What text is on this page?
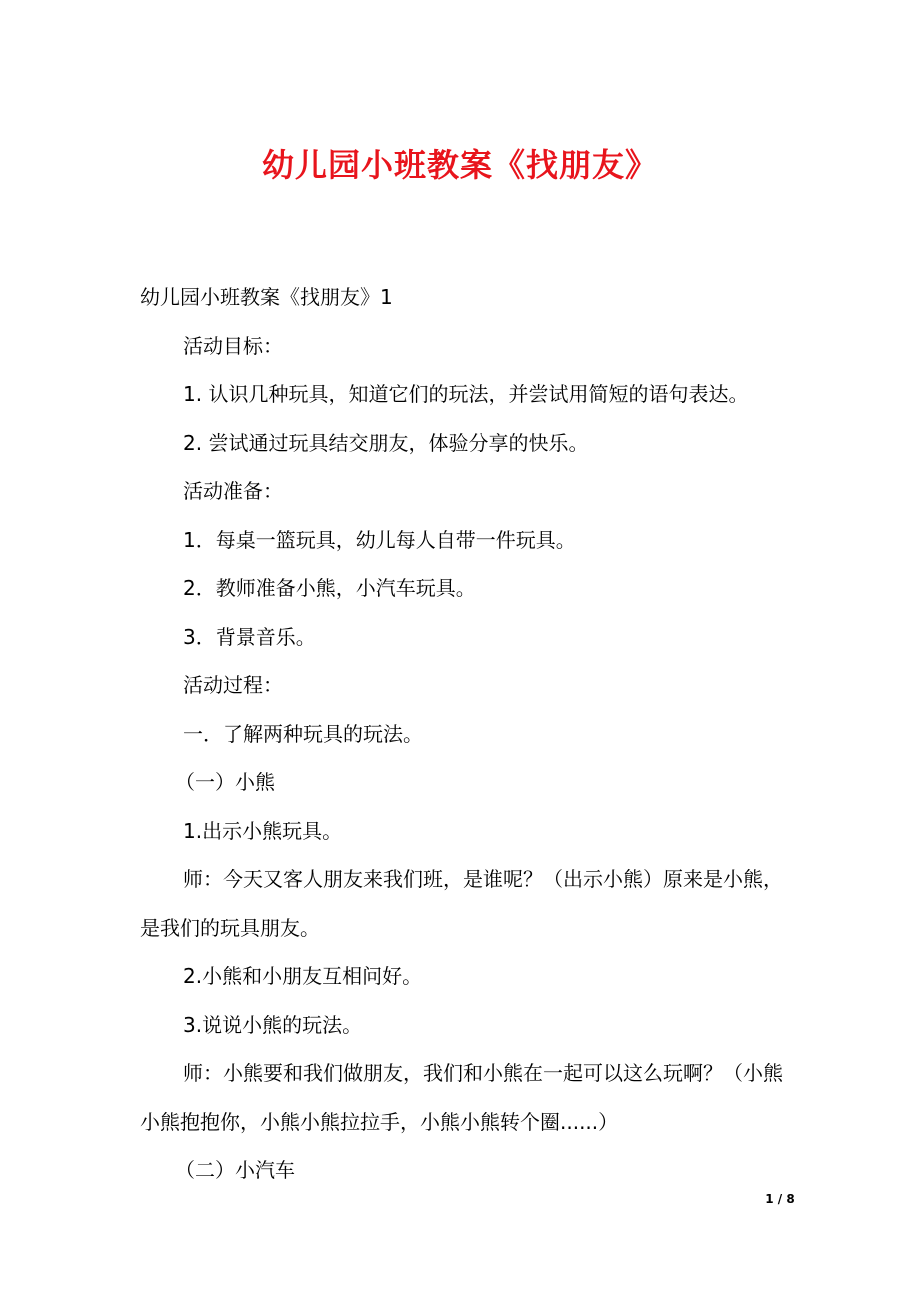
幼儿园小班教案《找朋友》

幼儿园小班教案《找朋友》1

活动目标：

1. 认识几种玩具，知道它们的玩法，并尝试用简短的语句表达。

2. 尝试通过玩具结交朋友，体验分享的快乐。

活动准备：

1．每桌一篮玩具，幼儿每人自带一件玩具。

2．教师准备小熊，小汽车玩具。

3．背景音乐。

活动过程：

一．了解两种玩具的玩法。

（一）小熊

1.出示小熊玩具。

师：今天又客人朋友来我们班，是谁呢？（出示小熊）原来是小熊，是我们的玩具朋友。

2.小熊和小朋友互相问好。

3.说说小熊的玩法。

师：小熊要和我们做朋友，我们和小熊在一起可以这么玩啊？（小熊小熊抱抱你，小熊小熊拉拉手，小熊小熊转个圈......）

（二）小汽车

1 / 8
